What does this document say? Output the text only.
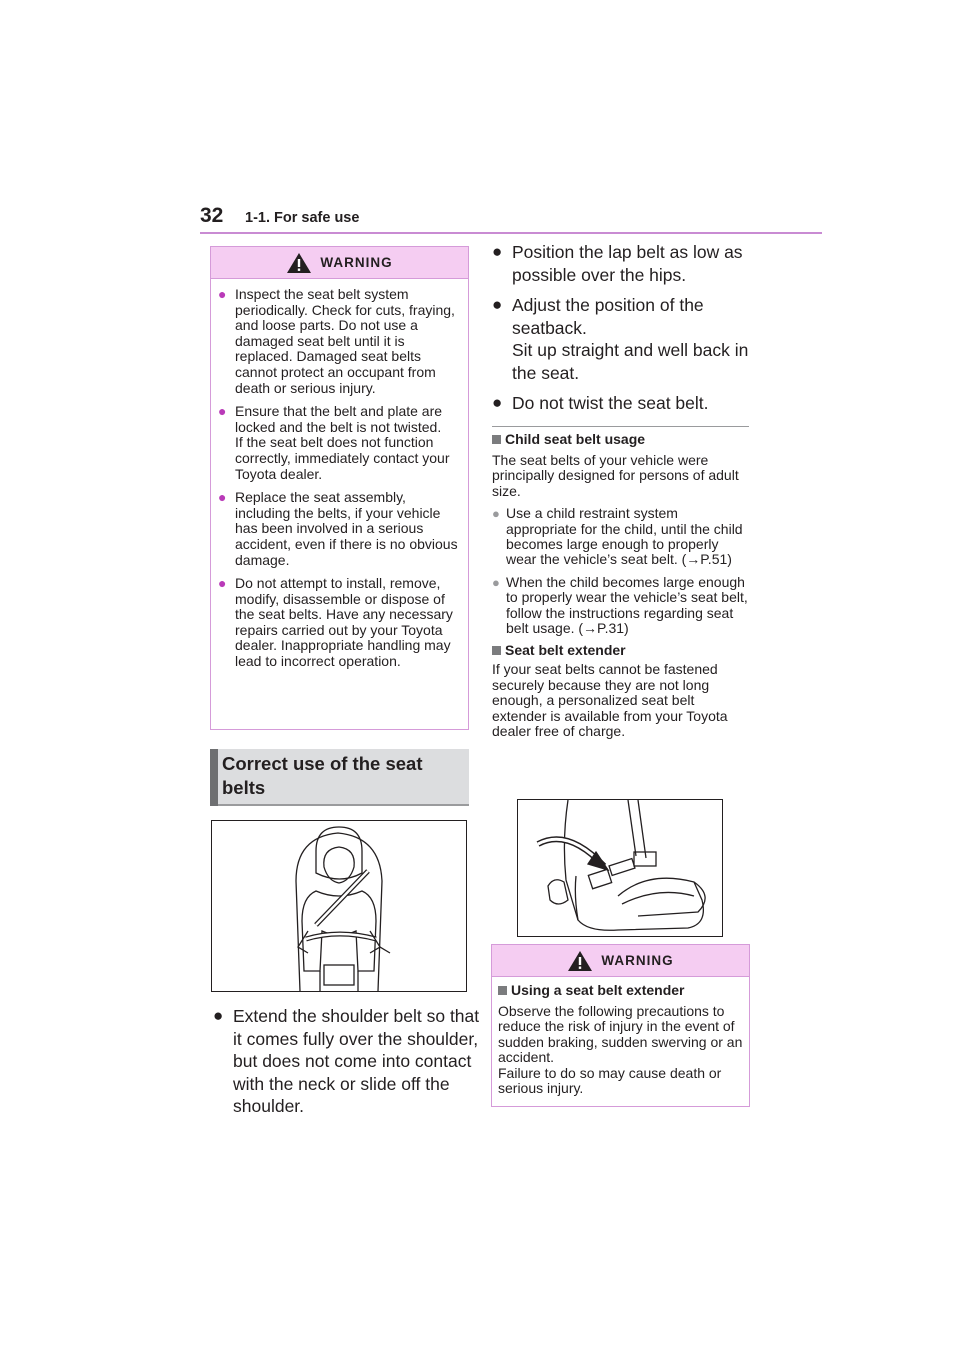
32 1-1. For safe use
WARNING
● Inspect the seat belt system periodically. Check for cuts, fraying, and loose parts. Do not use a damaged seat belt until it is replaced. Damaged seat belts cannot protect an occupant from death or serious injury.
● Ensure that the belt and plate are locked and the belt is not twisted.
If the seat belt does not function correctly, immediately contact your Toyota dealer.
● Replace the seat assembly, including the belts, if your vehicle has been involved in a serious accident, even if there is no obvious damage.
● Do not attempt to install, remove, modify, disassemble or dispose of the seat belts. Have any necessary repairs carried out by your Toyota dealer. Inappropriate handling may lead to incorrect operation.
Correct use of the seat belts
● Extend the shoulder belt so that it comes fully over the shoulder, but does not come into contact with the neck or slide off the shoulder.
● Position the lap belt as low as possible over the hips.
● Adjust the position of the seatback.
Sit up straight and well back in the seat.
● Do not twist the seat belt.
Child seat belt usage
The seat belts of your vehicle were principally designed for persons of adult size.
● Use a child restraint system appropriate for the child, until the child becomes large enough to properly wear the vehicle’s seat belt. (→P.51)
● When the child becomes large enough to properly wear the vehicle’s seat belt, follow the instructions regarding seat belt usage. (→P.31)
Seat belt extender
If your seat belts cannot be fastened securely because they are not long enough, a personalized seat belt extender is available from your Toyota dealer free of charge.
WARNING
Using a seat belt extender
Observe the following precautions to reduce the risk of injury in the event of sudden braking, sudden swerving or an accident.
Failure to do so may cause death or serious injury.
